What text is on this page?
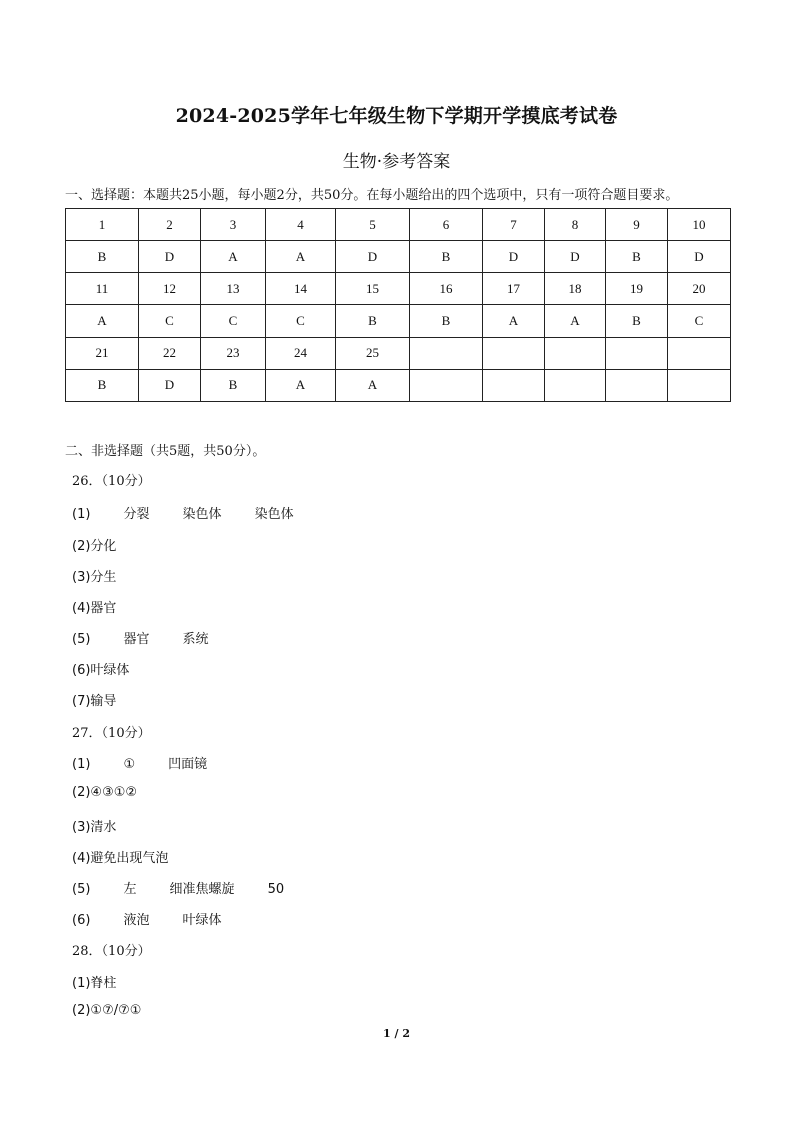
2024-2025学年七年级生物下学期开学摸底考试卷
生物·参考答案
一、选择题：本题共25小题，每小题2分，共50分。在每小题给出的四个选项中，只有一项符合题目要求。
1	2	3	4	5	6	7	8	9	10
B	D	A	A	D	B	D	D	B	D
11	12	13	14	15	16	17	18	19	20
A	C	C	C	B	B	A	A	B	C
21	22	23	24	25					
B	D	B	A	A					
二、非选择题（共5题，共50分）。
26．（10分）
(1)        分裂        染色体        染色体
(2)分化
(3)分生
(4)器官
(5)        器官        系统
(6)叶绿体
(7)输导
27．（10分）
(1)        ①        凹面镜
(2)④③①②
(3)清水
(4)避免出现气泡
(5)        左        细准焦螺旋        50
(6)        液泡        叶绿体
28．（10分）
(1)脊柱
(2)①⑦/⑦①
1 / 2
